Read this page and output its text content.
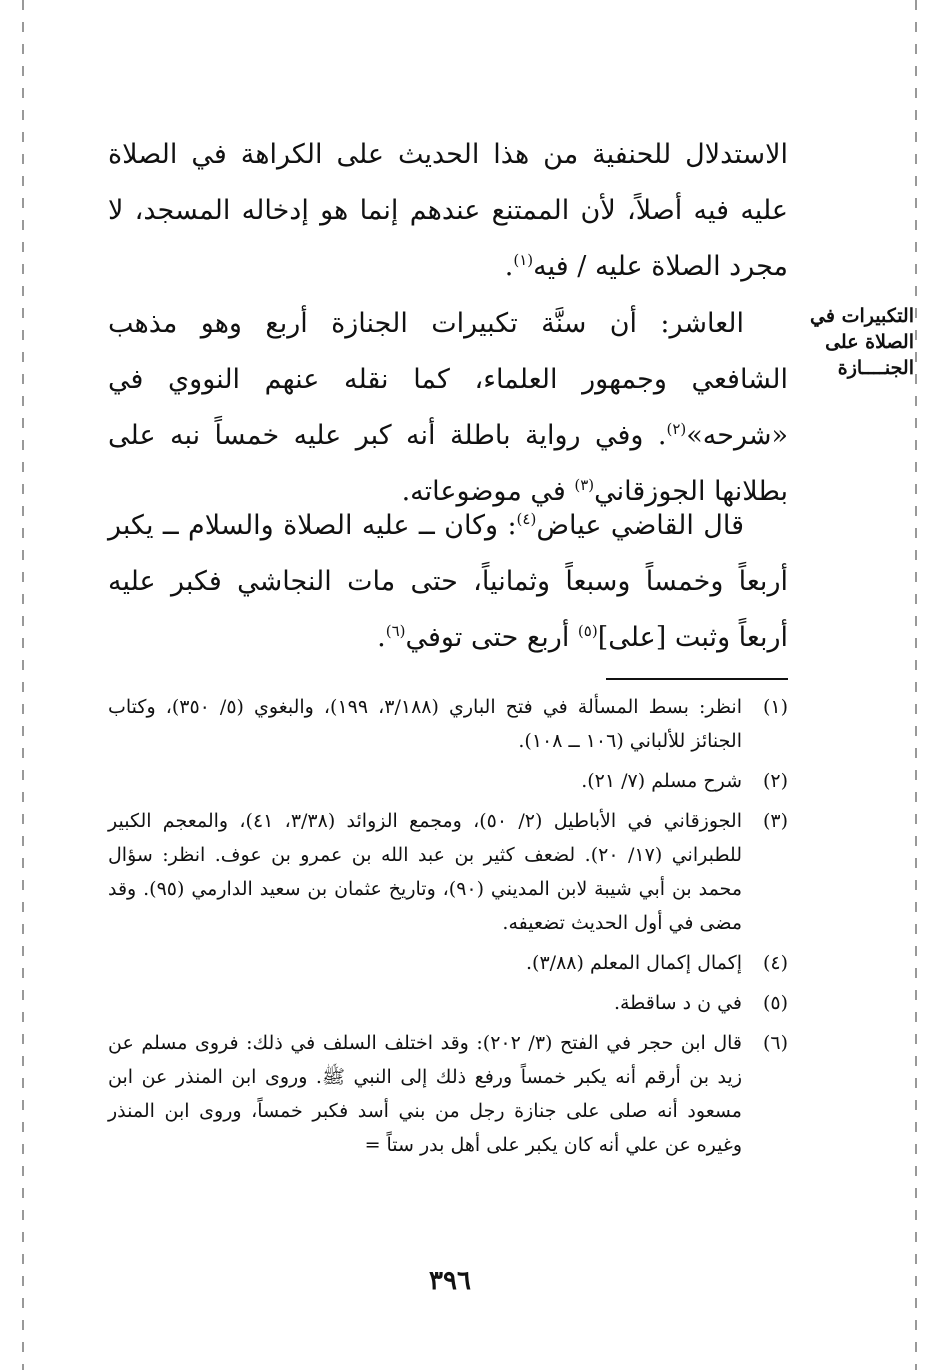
التكبيرات في
الصلاة على
الجنــــازة
الاستدلال للحنفية من هذا الحديث على الكراهة في الصلاة عليه فيه أصلاً، لأن الممتنع عندهم إنما هو إدخاله المسجد، لا مجرد الصلاة عليه / فيه$^{(١)}$.
العاشر: أن سنَّة تكبيرات الجنازة أربع وهو مذهب الشافعي وجمهور العلماء، كما نقله عنهم النووي في «شرحه»$^{(٢)}$. وفي رواية باطلة أنه كبر عليه خمساً نبه على بطلانها الجوزقاني$^{(٣)}$ في موضوعاته.
قال القاضي عياض$^{(٤)}$: وكان ــ عليه الصلاة والسلام ــ يكبر أربعاً وخمساً وسبعاً وثمانياً، حتى مات النجاشي فكبر عليه أربعاً وثبت [على]$^{(٥)}$ أربع حتى توفي$^{(٦)}$.
(١)
انظر: بسط المسألة في فتح الباري (٣/١٨٨، ١٩٩)، والبغوي (٥/ ٣٥٠)، وكتاب الجنائز للألباني (١٠٦ ــ ١٠٨).
(٢)
شرح مسلم (٧/ ٢١).
(٣)
الجوزقاني في الأباطيل (٢/ ٥٠)، ومجمع الزوائد (٣/٣٨، ٤١)، والمعجم الكبير للطبراني (١٧/ ٢٠). لضعف كثير بن عبد الله بن عمرو بن عوف. انظر: سؤال محمد بن أبي شيبة لابن المديني (٩٠)، وتاريخ عثمان بن سعيد الدارمي (٩٥). وقد مضى في أول الحديث تضعيفه.
(٤)
إكمال إكمال المعلم (٣/٨٨).
(٥)
في ن د ساقطة.
(٦)
قال ابن حجر في الفتح (٣/ ٢٠٢): وقد اختلف السلف في ذلك: فروى مسلم عن زيد بن أرقم أنه يكبر خمساً ورفع ذلك إلى النبي ﷺ. وروى ابن المنذر عن ابن مسعود أنه صلى على جنازة رجل من بني أسد فكبر خمساً، وروى ابن المنذر وغيره عن علي أنه كان يكبر على أهل بدر ستاً =
٣٩٦
